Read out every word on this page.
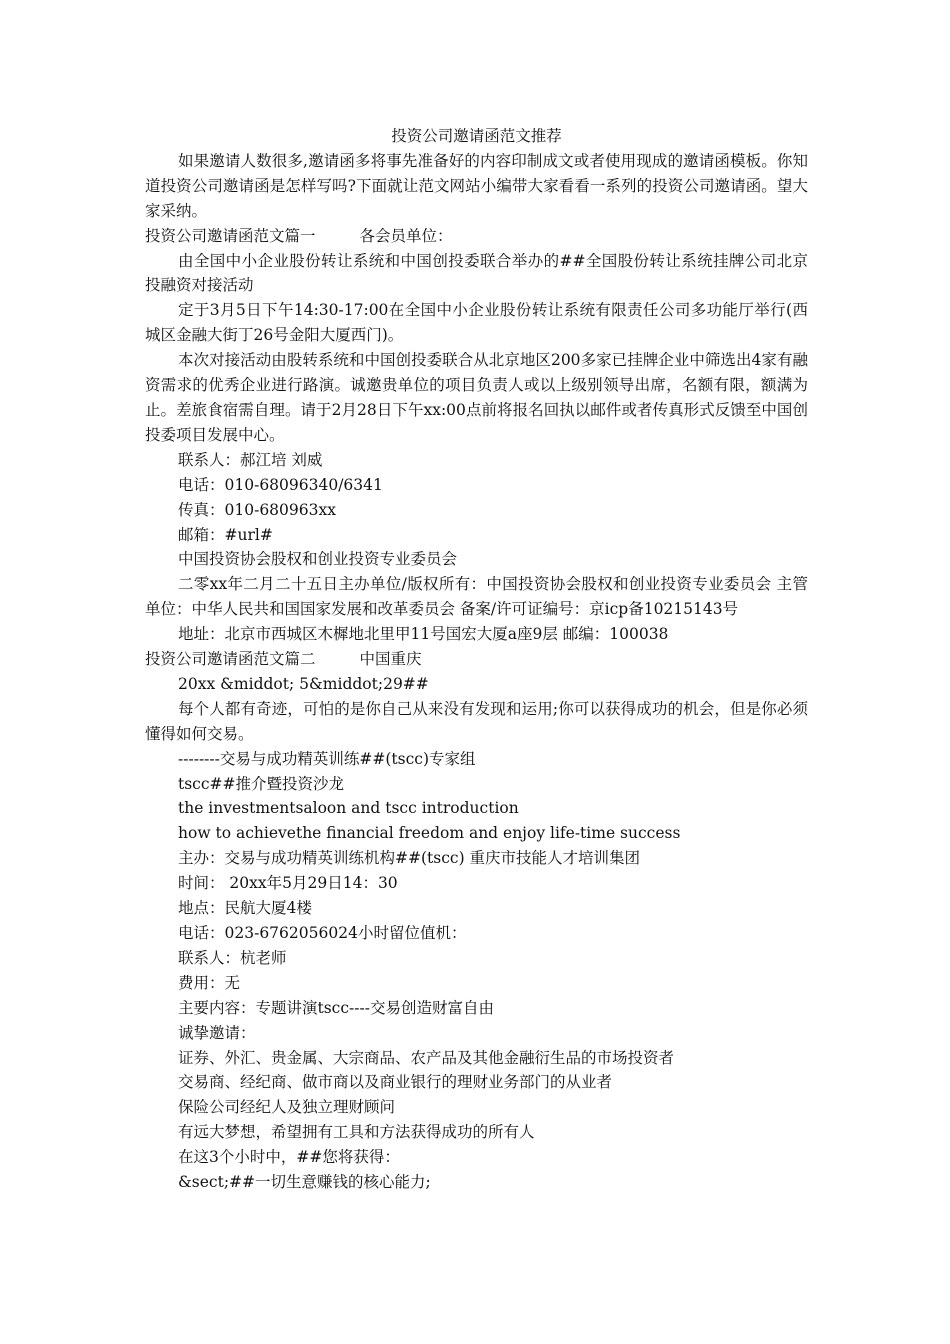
投资公司邀请函范文推荐
如果邀请人数很多,邀请函多将事先准备好的内容印制成文或者使用现成的邀请函模板。你知道投资公司邀请函是怎样写吗?下面就让范文网站小编带大家看看一系列的投资公司邀请函。望大家采纳。
投资公司邀请函范文篇一	各会员单位：
由全国中小企业股份转让系统和中国创投委联合举办的##全国股份转让系统挂牌公司北京投融资对接活动
定于3月5日下午14:30-17:00在全国中小企业股份转让系统有限责任公司多功能厅举行(西城区金融大街丁26号金阳大厦西门)。
本次对接活动由股转系统和中国创投委联合从北京地区200多家已挂牌企业中筛选出4家有融资需求的优秀企业进行路演。诚邀贵单位的项目负责人或以上级别领导出席，名额有限，额满为止。差旅食宿需自理。请于2月28日下午xx:00点前将报名回执以邮件或者传真形式反馈至中国创投委项目发展中心。
联系人：郝江培 刘威
电话：010-68096340/6341
传真：010-680963xx
邮箱：#url#
中国投资协会股权和创业投资专业委员会
二零xx年二月二十五日主办单位/版权所有：中国投资协会股权和创业投资专业委员会 主管单位：中华人民共和国国家发展和改革委员会 备案/许可证编号：京icp备10215143号
地址：北京市西城区木樨地北里甲11号国宏大厦a座9层 邮编：100038
投资公司邀请函范文篇二	中国重庆
20xx &middot; 5&middot;29##
每个人都有奇迹，可怕的是你自己从来没有发现和运用;你可以获得成功的机会，但是你必须懂得如何交易。
--------交易与成功精英训练##(tscc)专家组
tscc##推介暨投资沙龙
the investmentsaloon and tscc introduction
how to achievethe financial freedom and enjoy life-time success
主办：交易与成功精英训练机构##(tscc) 重庆市技能人才培训集团
时间： 20xx年5月29日14：30
地点：民航大厦4楼
电话：023-6762056024小时留位值机：
联系人：杭老师
费用：无
主要内容：专题讲演tscc----交易创造财富自由
诚挚邀请：
证券、外汇、贵金属、大宗商品、农产品及其他金融衍生品的市场投资者
交易商、经纪商、做市商以及商业银行的理财业务部门的从业者
保险公司经纪人及独立理财顾问
有远大梦想，希望拥有工具和方法获得成功的所有人
在这3个小时中，##您将获得：
&sect;##一切生意赚钱的核心能力;
